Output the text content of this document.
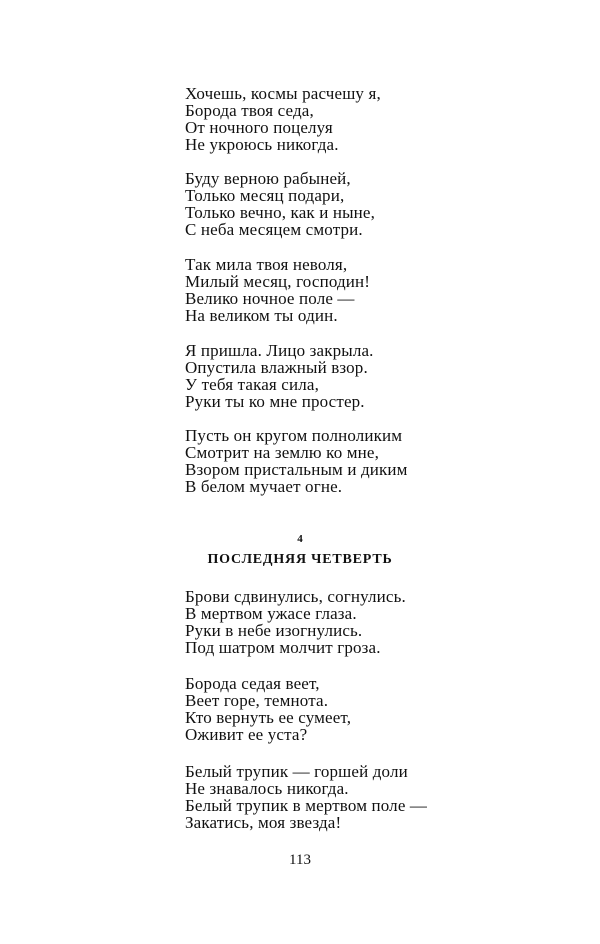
Хочешь, космы расчешу я,
Борода твоя седа,
От ночного поцелуя
Не укроюсь никогда.
Буду верною рабыней,
Только месяц подари,
Только вечно, как и ныне,
С неба месяцем смотри.
Так мила твоя неволя,
Милый месяц, господин!
Велико ночное поле —
На великом ты один.
Я пришла. Лицо закрыла.
Опустила влажный взор.
У тебя такая сила,
Руки ты ко мне простер.
Пусть он кругом полноликим
Смотрит на землю ко мне,
Взором пристальным и диким
В белом мучает огне.
4
ПОСЛЕДНЯЯ ЧЕТВЕРТЬ
Брови сдвинулись, согнулись.
В мертвом ужасе глаза.
Руки в небе изогнулись.
Под шатром молчит гроза.
Борода седая веет,
Веет горе, темнота.
Кто вернуть ее сумеет,
Оживит ее уста?
Белый трупик — горшей доли
Не знавалось никогда.
Белый трупик в мертвом поле —
Закатись, моя звезда!
113
